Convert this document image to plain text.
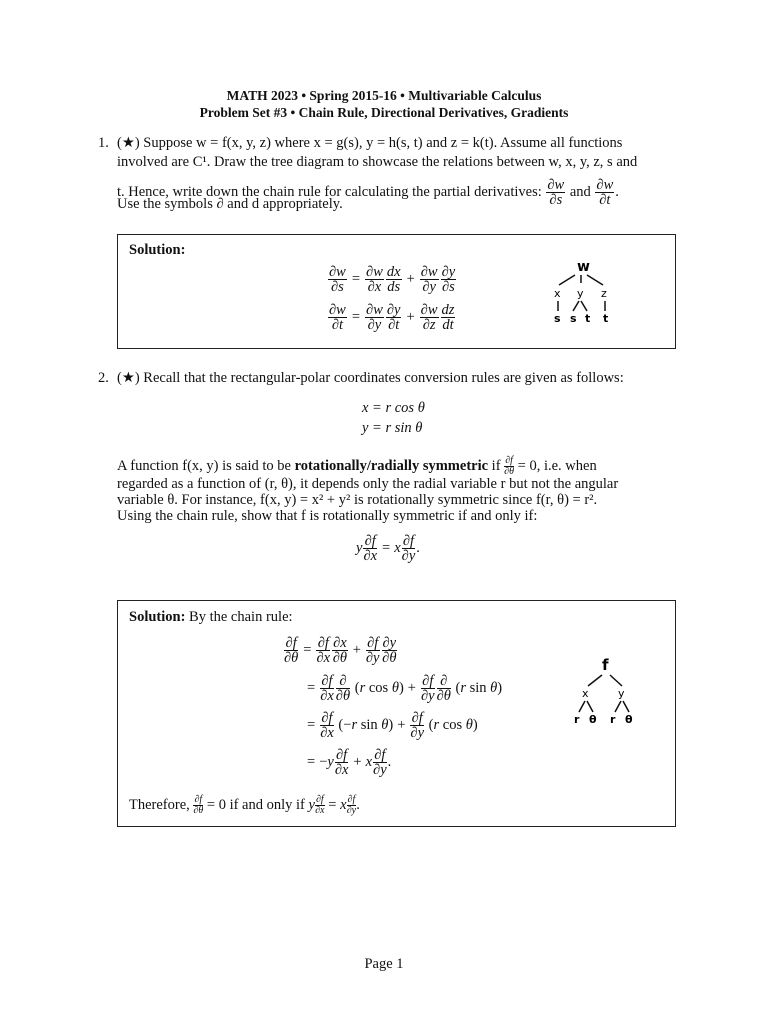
MATH 2023 • Spring 2015-16 • Multivariable Calculus
Problem Set #3 • Chain Rule, Directional Derivatives, Gradients
1. (★) Suppose w = f(x, y, z) where x = g(s), y = h(s, t) and z = k(t). Assume all functions
involved are C¹. Draw the tree diagram to showcase the relations between w, x, y, z, s and
t. Hence, write down the chain rule for calculating the partial derivatives: $\frac{\partial w}{\partial s}$ and $\frac{\partial w}{\partial t}$ .
Use the symbols ∂ and d appropriately.
Solution:
$\frac{\partial w}{\partial s} = \frac{\partial w}{\partial x} \frac{dx}{ds} + \frac{\partial w}{\partial y} \frac{\partial y}{\partial s}$
$\frac{\partial w}{\partial t} = \frac{\partial w}{\partial y} \frac{\partial y}{\partial t} + \frac{\partial w}{\partial z} \frac{dz}{dt}$
w
x y z
s s t t
2. (★) Recall that the rectangular-polar coordinates conversion rules are given as follows:
x = r cos θ
y = r sin θ
A function f(x, y) is said to be rotationally/radially symmetric if $\frac{\partial f}{\partial\theta} = 0$, i.e. when
regarded as a function of (r, θ), it depends only the radial variable r but not the angular
variable θ. For instance, f(x, y) = x² + y² is rotationally symmetric since f(r, θ) = r².
Using the chain rule, show that f is rotationally symmetric if and only if:
y $\frac{\partial f}{\partial x} = x \frac{\partial f}{\partial y}$ .
Solution: By the chain rule:
$\frac{\partial f}{\partial\theta} = \frac{\partial f}{\partial x} \frac{\partial x}{\partial\theta} + \frac{\partial f}{\partial y} \frac{\partial y}{\partial\theta}$
= $\frac{\partial f}{\partial x} \frac{\partial}{\partial\theta} (r$ $\cos \theta) + \frac{\partial f}{\partial y} \frac{\partial}{\partial\theta} (r$ sin θ)
= $\frac{\partial f}{\partial x} (-r$ $\sin \theta) + \frac{\partial f}{\partial y} (r$ cos θ)
= $-y \frac{\partial f}{\partial x} + x \frac{\partial f}{\partial y}$ .
Therefore, $\frac{\partial f}{\partial\theta} = 0$ if and only if y $\frac{\partial f}{\partial x} = x \frac{\partial f}{\partial y}$ .
f
x	y
r θ r θ
Page 1
